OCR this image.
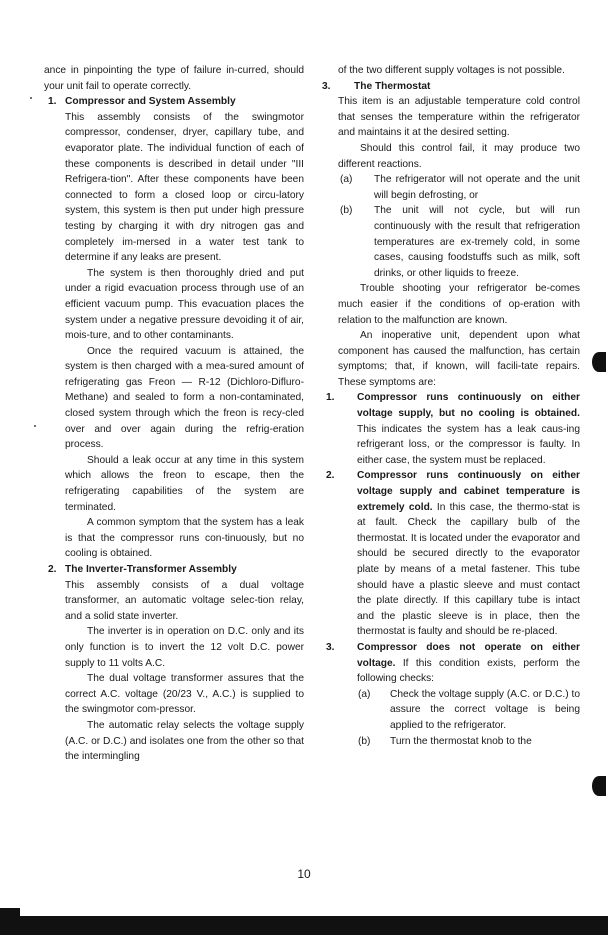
ance in pinpointing the type of failure in-curred, should your unit fail to operate correctly.

1. Compressor and System Assembly

This assembly consists of the swingmotor compressor, condenser, dryer, capillary tube, and evaporator plate. The individual function of each of these components is described in detail under "III Refrigera-tion". After these components have been connected to form a closed loop or circu-latory system, this system is then put under high pressure testing by charging it with dry nitrogen gas and completely im-mersed in a water test tank to determine if any leaks are present.

The system is then thoroughly dried and put under a rigid evacuation process through use of an efficient vacuum pump. This evacuation places the system under a negative pressure devoiding it of air, mois-ture, and to other contaminants.

Once the required vacuum is attained, the system is then charged with a mea-sured amount of refrigerating gas Freon — R-12 (Dichloro-Difluro-Methane) and sealed to form a non-contaminated, closed system through which the freon is recy-cled over and over again during the refrig-eration process.

Should a leak occur at any time in this system which allows the freon to escape, then the refrigerating capabilities of the system are terminated.

A common symptom that the system has a leak is that the compressor runs con-tinuously, but no cooling is obtained.

2. The Inverter-Transformer Assembly

This assembly consists of a dual voltage transformer, an automatic voltage selec-tion relay, and a solid state inverter.

The inverter is in operation on D.C. only and its only function is to invert the 12 volt D.C. power supply to 11 volts A.C.

The dual voltage transformer assures that the correct A.C. voltage (20/23 V., A.C.) is supplied to the swingmotor com-pressor.

The automatic relay selects the voltage supply (A.C. or D.C.) and isolates one from the other so that the intermingling

of the two different supply voltages is not possible.

3. The Thermostat

This item is an adjustable temperature cold control that senses the temperature within the refrigerator and maintains it at the desired setting.

Should this control fail, it may produce two different reactions.

(a) The refrigerator will not operate and the unit will begin defrosting, or

(b) The unit will not cycle, but will run continuously with the result that refrigeration temperatures are ex-tremely cold, in some cases, causing foodstuffs such as milk, soft drinks, or other liquids to freeze.

Trouble shooting your refrigerator be-comes much easier if the conditions of op-eration with relation to the malfunction are known.

An inoperative unit, dependent upon what component has caused the malfunction, has certain symptoms; that, if known, will facili-tate repairs. These symptoms are:

1. Compressor runs continuously on either voltage supply, but no cooling is obtained. This indicates the system has a leak caus-ing refrigerant loss, or the compressor is faulty. In either case, the system must be replaced.

2. Compressor runs continuously on either voltage supply and cabinet temperature is extremely cold. In this case, the thermo-stat is at fault. Check the capillary bulb of the thermostat. It is located under the evaporator and should be secured directly to the evaporator plate by means of a metal fastener. This tube should have a plastic sleeve and must contact the plate directly. If this capillary tube is intact and the plastic sleeve is in place, then the thermostat is faulty and should be re-placed.

3. Compressor does not operate on either voltage. If this condition exists, perform the following checks:

(a) Check the voltage supply (A.C. or D.C.) to assure the correct voltage is being applied to the refrigerator.

(b) Turn the thermostat knob to the

10
